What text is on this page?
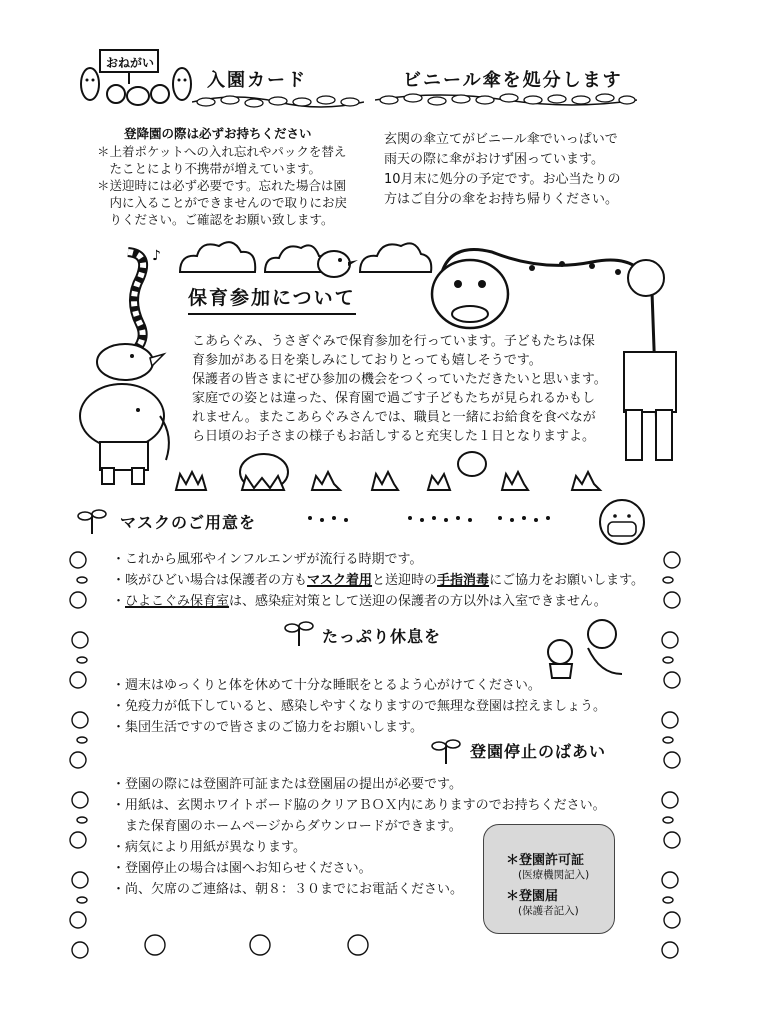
おねがい
入園カード
登降園の際は必ずお持ちください
＊上着ポケットへの入れ忘れやパックを替え
　たことにより不携帯が増えています。
＊送迎時には必ず必要です。忘れた場合は園
　内に入ることができませんので取りにお戻
　りください。ご確認をお願い致します。
ビニール傘を処分します
玄関の傘立てがビニール傘でいっぱいで
雨天の際に傘がおけず困っています。
10月末に処分の予定です。お心当たりの
方はご自分の傘をお持ち帰りください。
♪
保育参加について
こあらぐみ、うさぎぐみで保育参加を行っています。子どもたちは保
育参加がある日を楽しみにしておりとっても嬉しそうです。
保護者の皆さまにぜひ参加の機会をつくっていただきたいと思います。
家庭での姿とは違った、保育園で過ごす子どもたちが見られるかもし
れません。またこあらぐみさんでは、職員と一緒にお給食を食べなが
ら日頃のお子さまの様子もお話しすると充実した１日となりますよ。
マスクのご用意を
・これから風邪やインフルエンザが流行る時期です。
・咳がひどい場合は保護者の方もマスク着用と送迎時の手指消毒にご協力をお願いします。
・ひよこぐみ保育室は、感染症対策として送迎の保護者の方以外は入室できません。
たっぷり休息を
・週末はゆっくりと体を休めて十分な睡眠をとるよう心がけてください。
・免疫力が低下していると、感染しやすくなりますので無理な登園は控えましょう。
・集団生活ですので皆さまのご協力をお願いします。
登園停止のばあい
・登園の際には登園許可証または登園届の提出が必要です。
・用紙は、玄関ホワイトボード脇のクリアＢＯＸ内にありますのでお持ちください。
　また保育園のホームページからダウンロードができます。
・病気により用紙が異なります。
・登園停止の場合は園へお知らせください。
・尚、欠席のご連絡は、朝８：３０までにお電話ください。
＊登園許可証
(医療機関記入)
＊登園届
(保護者記入)
